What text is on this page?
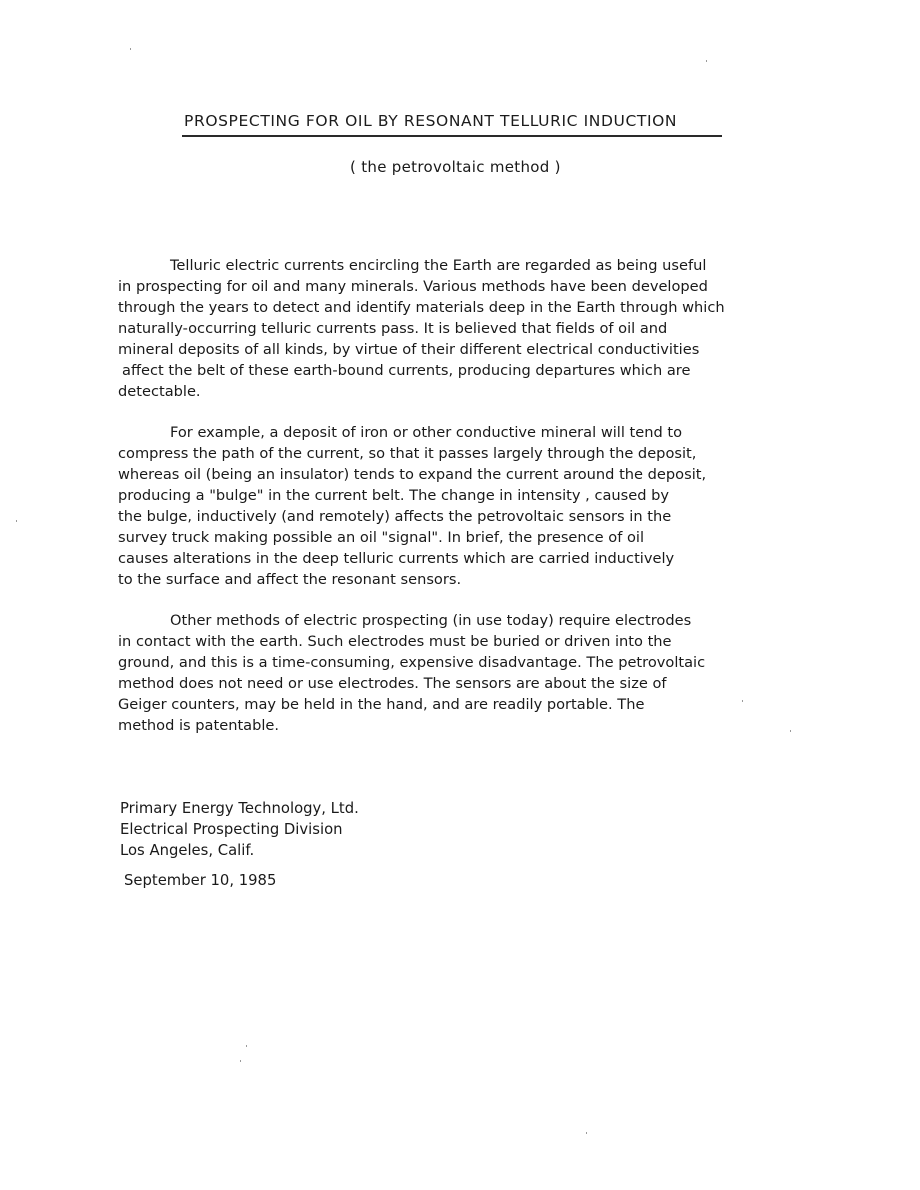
PROSPECTING FOR OIL BY RESONANT TELLURIC INDUCTION
( the petrovoltaic method )
Telluric electric currents encircling the Earth are regarded as being useful
in prospecting for oil and many minerals. Various methods have been developed
through the years to detect and identify materials deep in the Earth through which
naturally-occurring telluric currents pass. It is believed that fields of oil and
mineral deposits of all kinds, by virtue of their different electrical conductivities
affect the belt of these earth-bound currents, producing departures which are
detectable.
For example, a deposit of iron or other conductive mineral will tend to
compress the path of the current, so that it passes largely through the deposit,
whereas oil (being an insulator) tends to expand the current around the deposit,
producing a "bulge" in the current belt. The change in intensity , caused by
the bulge, inductively (and remotely) affects the petrovoltaic sensors in the
survey truck making possible an oil "signal". In brief, the presence of oil
causes alterations in the deep telluric currents which are carried inductively
to the surface and affect the resonant sensors.
Other methods of electric prospecting (in use today) require electrodes
in contact with the earth. Such electrodes must be buried or driven into the
ground, and this is a time-consuming, expensive disadvantage. The petrovoltaic
method does not need or use electrodes. The sensors are about the size of
Geiger counters, may be held in the hand, and are readily portable. The
method is patentable.
Primary Energy Technology, Ltd.
Electrical Prospecting Division
Los Angeles, Calif.
September 10, 1985
